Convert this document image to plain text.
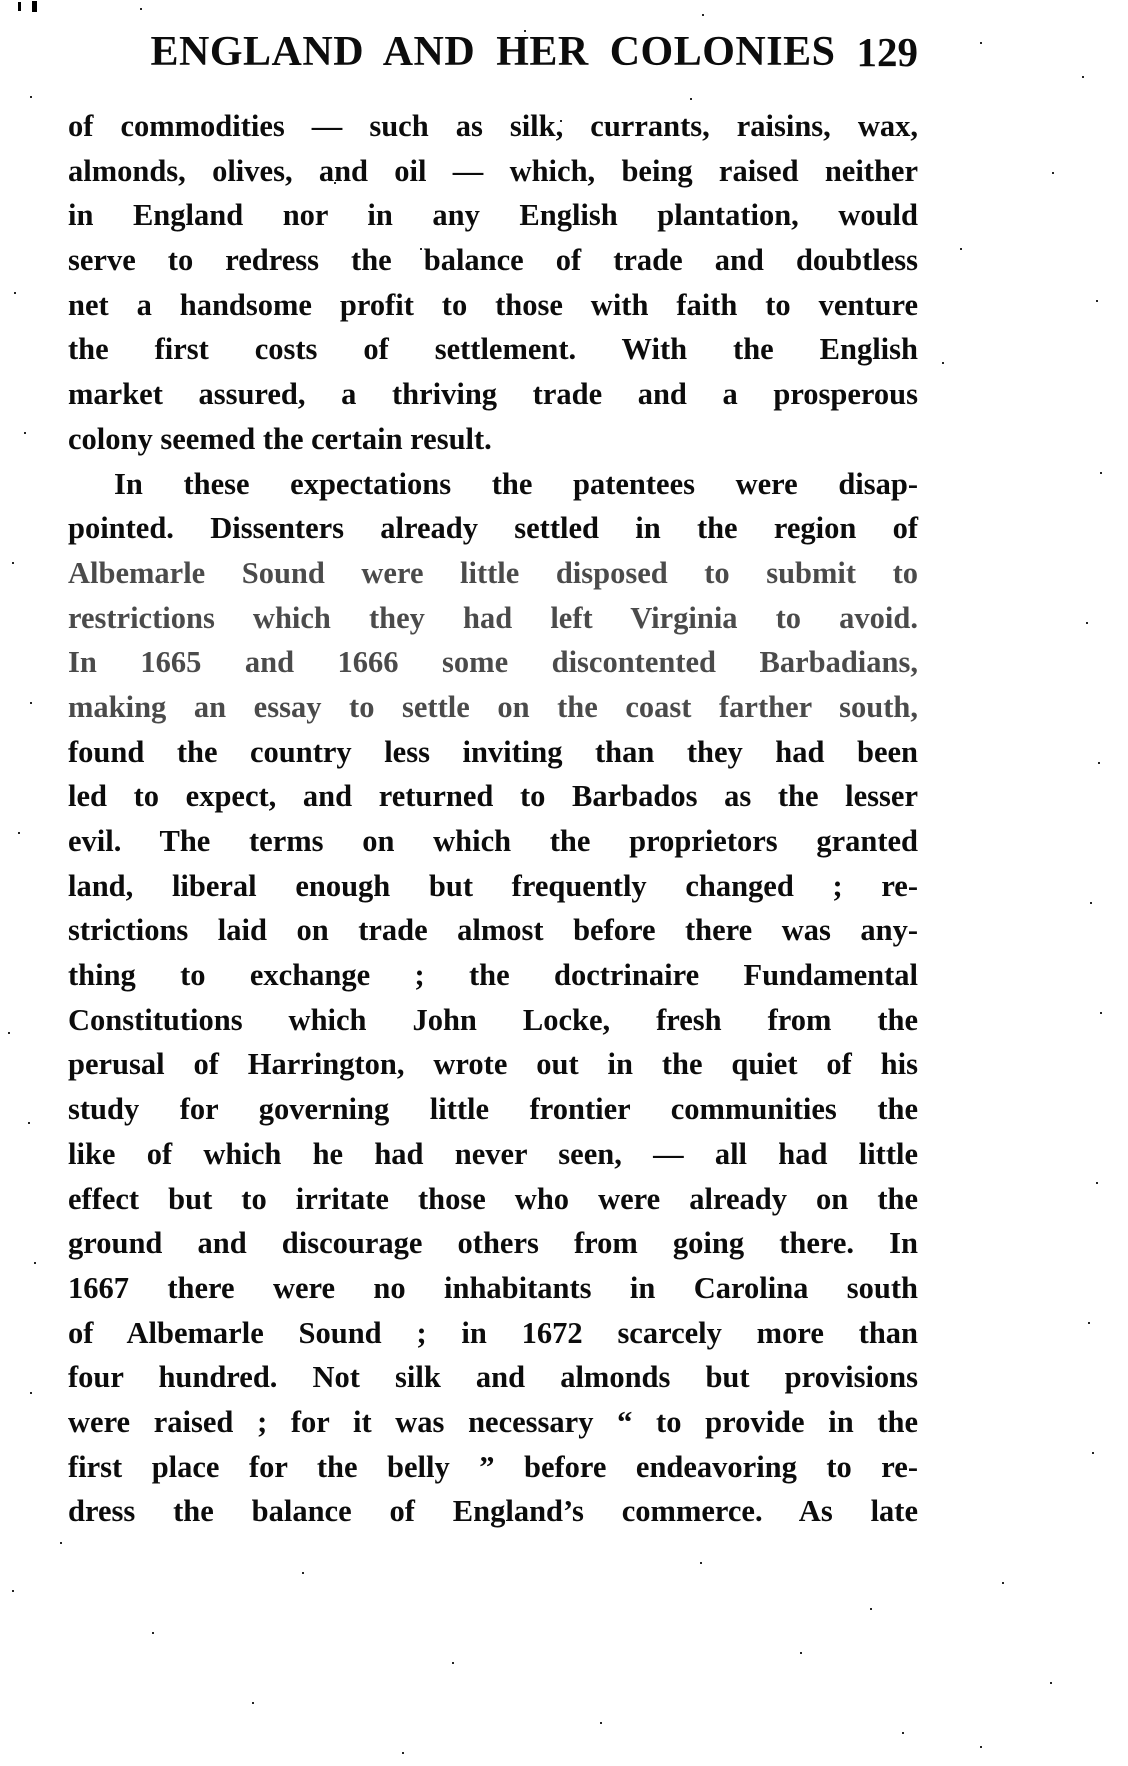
ENGLAND AND HER COLONIES 129
of commodities — such as silk, currants, raisins, wax,
almonds, olives, and oil — which, being raised neither
in England nor in any English plantation, would
serve to redress the balance of trade and doubtless
net a handsome profit to those with faith to venture
the first costs of settlement. With the English
market assured, a thriving trade and a prosperous
colony seemed the certain result.
In these expectations the patentees were disap-
pointed. Dissenters already settled in the region of
Albemarle Sound were little disposed to submit to
restrictions which they had left Virginia to avoid.
In 1665 and 1666 some discontented Barbadians,
making an essay to settle on the coast farther south,
found the country less inviting than they had been
led to expect, and returned to Barbados as the lesser
evil. The terms on which the proprietors granted
land, liberal enough but frequently changed ; re-
strictions laid on trade almost before there was any-
thing to exchange ; the doctrinaire Fundamental
Constitutions which John Locke, fresh from the
perusal of Harrington, wrote out in the quiet of his
study for governing little frontier communities the
like of which he had never seen, — all had little
effect but to irritate those who were already on the
ground and discourage others from going there. In
1667 there were no inhabitants in Carolina south
of Albemarle Sound ; in 1672 scarcely more than
four hundred. Not silk and almonds but provisions
were raised ; for it was necessary “ to provide in the
first place for the belly ” before endeavoring to re-
dress the balance of England’s commerce. As late
